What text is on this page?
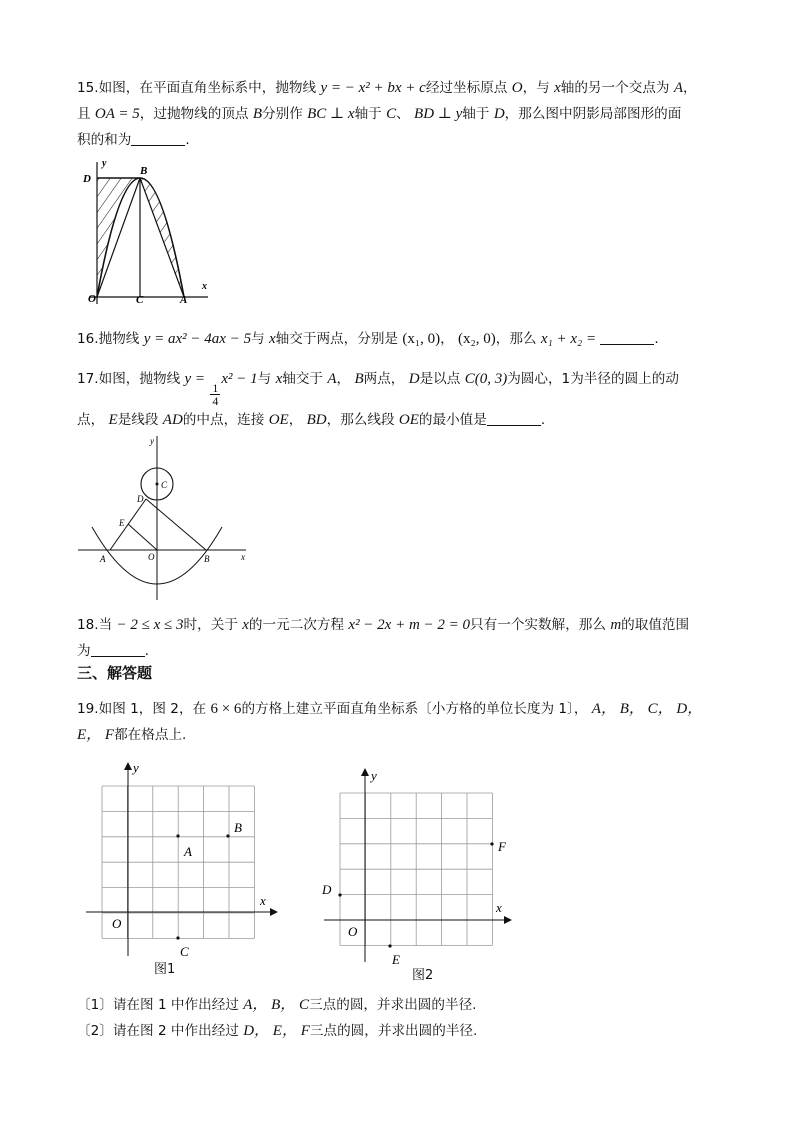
15.如图，在平面直角坐标系中，抛物线 y = − x² + bx + c经过坐标原点 O，与 x轴的另一个交点为 A，
且 OA = 5，过抛物线的顶点 B分别作 BC ⊥ x轴于 C、 BD ⊥ y轴于 D，那么图中阴影局部图形的面
积的和为	.
y
x
D
B
O	C	A
16.抛物线 y = ax² − 4ax − 5与 x轴交于两点，分别是 (x₁, 0)， (x₂, 0)，那么 x₁ + x₂ =	.
17.如图，抛物线 y =
$\frac{1}{4}$
x² − 1与 x轴交于 A， B两点， D是以点 C(0, 3)为圆心，1为半径的圆上的动
点， E是线段 AD的中点，连接 OE， BD，那么线段 OE的最小值是	.
y
C
D
E
O
A	B	x
18.当 − 2 ≤ x ≤ 3时，关于 x的一元二次方程 x² − 2x + m − 2 = 0只有一个实数解，那么 m的取值范围
为	.
三、解答题
19.如图 1，图 2，在 6 × 6的方格上建立平面直角坐标系〔小方格的单位长度为 1〕， A， B， C， D，
E， F都在格点上.
y
x
O
A
B
C
图1
y
x
O
D
E
F
图2
〔1〕请在图 1 中作出经过 A， B， C三点的圆，并求出圆的半径.
〔2〕请在图 2 中作出经过 D， E， F三点的圆，并求出圆的半径.
